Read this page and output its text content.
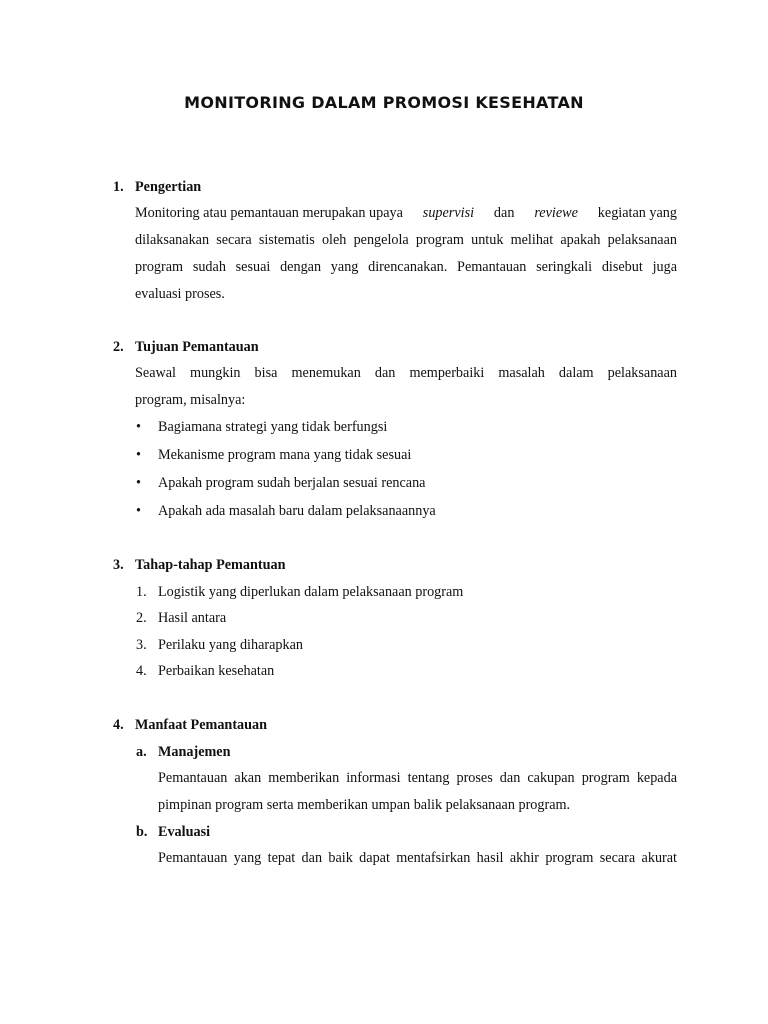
MONITORING DALAM PROMOSI KESEHATAN
1. Pengertian
Monitoring atau pemantauan merupakan upaya supervisi dan reviewe kegiatan yang
dilaksanakan secara sistematis oleh pengelola program untuk melihat apakah pelaksanaan
program sudah sesuai dengan yang direncanakan. Pemantauan seringkali disebut juga
evaluasi proses.
2. Tujuan Pemantauan
Seawal mungkin bisa menemukan dan memperbaiki masalah dalam pelaksanaan
program, misalnya:
• Bagiamana strategi yang tidak berfungsi
• Mekanisme program mana yang tidak sesuai
• Apakah program sudah berjalan sesuai rencana
• Apakah ada masalah baru dalam pelaksanaannya
3. Tahap-tahap Pemantuan
1. Logistik yang diperlukan dalam pelaksanaan program
2. Hasil antara
3. Perilaku yang diharapkan
4. Perbaikan kesehatan
4. Manfaat Pemantauan
a. Manajemen
Pemantauan akan memberikan informasi tentang proses dan cakupan program kepada
pimpinan program serta memberikan umpan balik pelaksanaan program.
b. Evaluasi
Pemantauan yang tepat dan baik dapat mentafsirkan hasil akhir program secara akurat
